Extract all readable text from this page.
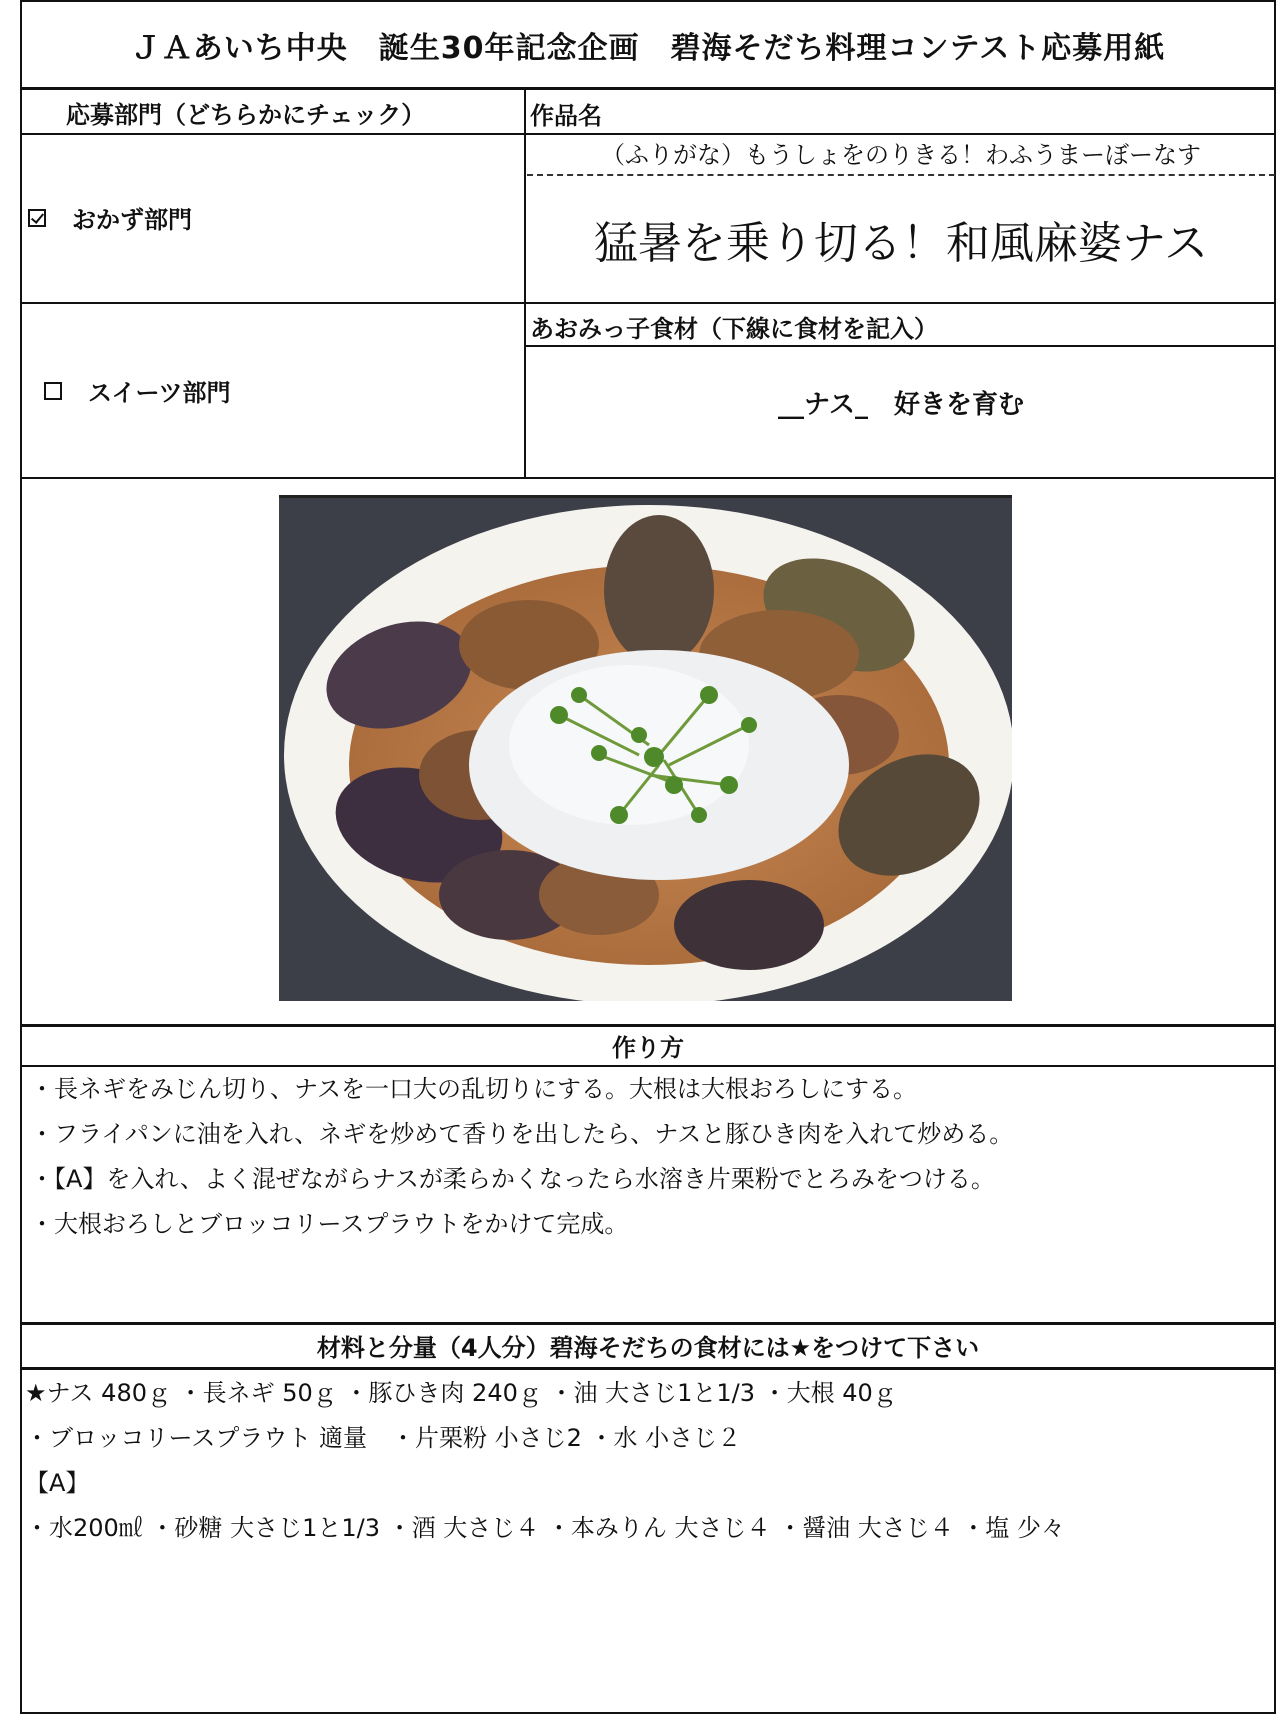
ＪＡあいち中央　誕生30年記念企画　碧海そだち料理コンテスト応募用紙
応募部門（どちらかにチェック）	作品名
おかず部門
スイーツ部門
（ふりがな）もうしょをのりきる！わふうまーぼーなす
猛暑を乗り切る！和風麻婆ナス
あおみっ子食材（下線に食材を記入）
__ナス_　好きを育む
作り方
・長ネギをみじん切り、ナスを一口大の乱切りにする。大根は大根おろしにする。
・フライパンに油を入れ、ネギを炒めて香りを出したら、ナスと豚ひき肉を入れて炒める。
・【A】を入れ、よく混ぜながらナスが柔らかくなったら水溶き片栗粉でとろみをつける。
・大根おろしとブロッコリースプラウトをかけて完成。
材料と分量（4人分）碧海そだちの食材には★をつけて下さい
★ナス 480ｇ ・長ネギ 50ｇ ・豚ひき肉 240ｇ ・油 大さじ1と1/3 ・大根 40ｇ
・ブロッコリースプラウト 適量　・片栗粉 小さじ2 ・水 小さじ２
【A】
・水200㎖ ・砂糖 大さじ1と1/3 ・酒 大さじ４ ・本みりん 大さじ４ ・醤油 大さじ４ ・塩 少々
